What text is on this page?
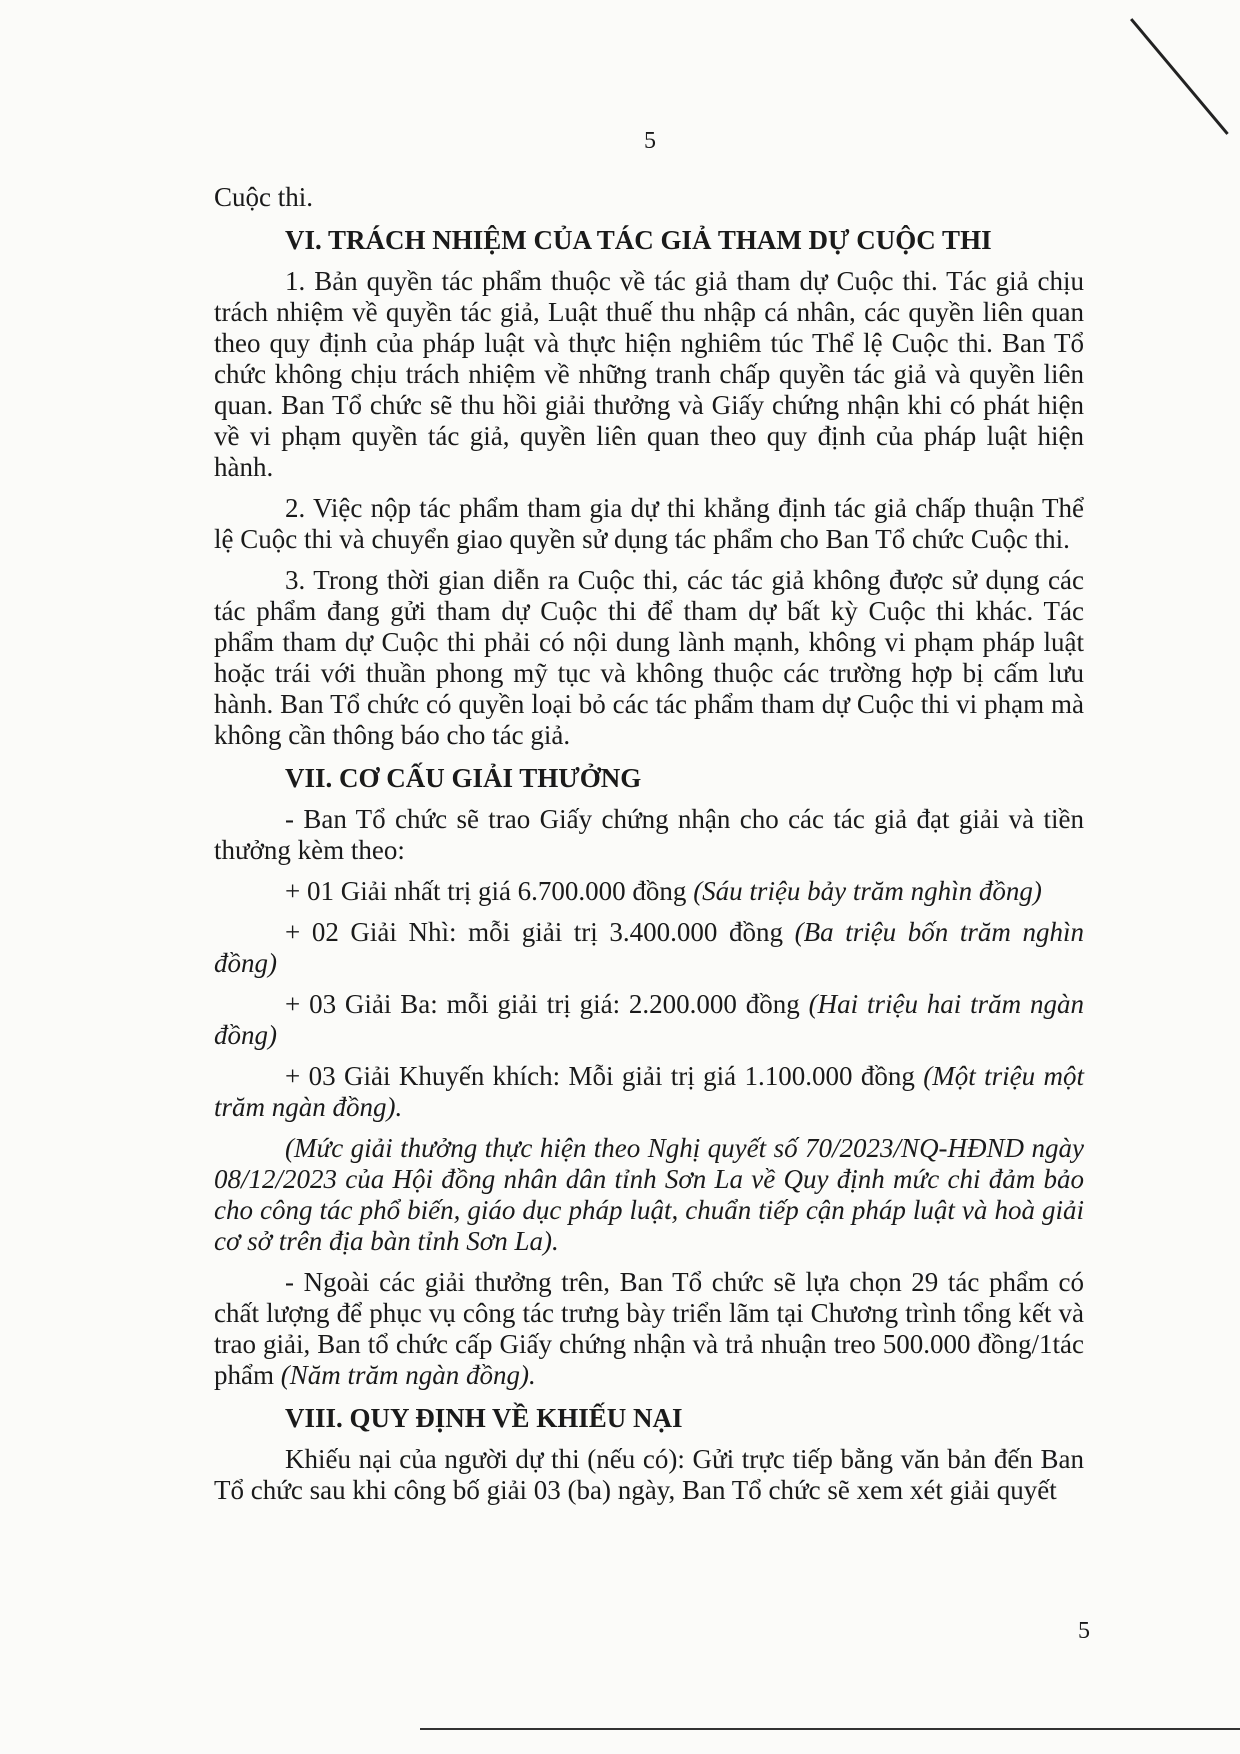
5

Cuộc thi.

VI. TRÁCH NHIỆM CỦA TÁC GIẢ THAM DỰ CUỘC THI

1. Bản quyền tác phẩm thuộc về tác giả tham dự Cuộc thi. Tác giả chịu trách nhiệm về quyền tác giả, Luật thuế thu nhập cá nhân, các quyền liên quan theo quy định của pháp luật và thực hiện nghiêm túc Thể lệ Cuộc thi. Ban Tổ chức không chịu trách nhiệm về những tranh chấp quyền tác giả và quyền liên quan. Ban Tổ chức sẽ thu hồi giải thưởng và Giấy chứng nhận khi có phát hiện về vi phạm quyền tác giả, quyền liên quan theo quy định của pháp luật hiện hành.

2. Việc nộp tác phẩm tham gia dự thi khẳng định tác giả chấp thuận Thể lệ Cuộc thi và chuyển giao quyền sử dụng tác phẩm cho Ban Tổ chức Cuộc thi.

3. Trong thời gian diễn ra Cuộc thi, các tác giả không được sử dụng các tác phẩm đang gửi tham dự Cuộc thi để tham dự bất kỳ Cuộc thi khác. Tác phẩm tham dự Cuộc thi phải có nội dung lành mạnh, không vi phạm pháp luật hoặc trái với thuần phong mỹ tục và không thuộc các trường hợp bị cấm lưu hành. Ban Tổ chức có quyền loại bỏ các tác phẩm tham dự Cuộc thi vi phạm mà không cần thông báo cho tác giả.

VII. CƠ CẤU GIẢI THƯỞNG

- Ban Tổ chức sẽ trao Giấy chứng nhận cho các tác giả đạt giải và tiền thưởng kèm theo:

+ 01 Giải nhất trị giá 6.700.000 đồng (Sáu triệu bảy trăm nghìn đồng)

+ 02 Giải Nhì: mỗi giải trị 3.400.000 đồng (Ba triệu bốn trăm nghìn đồng)

+ 03 Giải Ba: mỗi giải trị giá: 2.200.000 đồng (Hai triệu hai trăm ngàn đồng)

+ 03 Giải Khuyến khích: Mỗi giải trị giá 1.100.000 đồng (Một triệu một trăm ngàn đồng).

(Mức giải thưởng thực hiện theo Nghị quyết số 70/2023/NQ-HĐND ngày 08/12/2023 của Hội đồng nhân dân tỉnh Sơn La về Quy định mức chi đảm bảo cho công tác phổ biến, giáo dục pháp luật, chuẩn tiếp cận pháp luật và hoà giải cơ sở trên địa bàn tỉnh Sơn La).

- Ngoài các giải thưởng trên, Ban Tổ chức sẽ lựa chọn 29 tác phẩm có chất lượng để phục vụ công tác trưng bày triển lãm tại Chương trình tổng kết và trao giải, Ban tổ chức cấp Giấy chứng nhận và trả nhuận treo 500.000 đồng/1tác phẩm (Năm trăm ngàn đồng).

VIII. QUY ĐỊNH VỀ KHIẾU NẠI

Khiếu nại của người dự thi (nếu có): Gửi trực tiếp bằng văn bản đến Ban Tổ chức sau khi công bố giải 03 (ba) ngày, Ban Tổ chức sẽ xem xét giải quyết

5
